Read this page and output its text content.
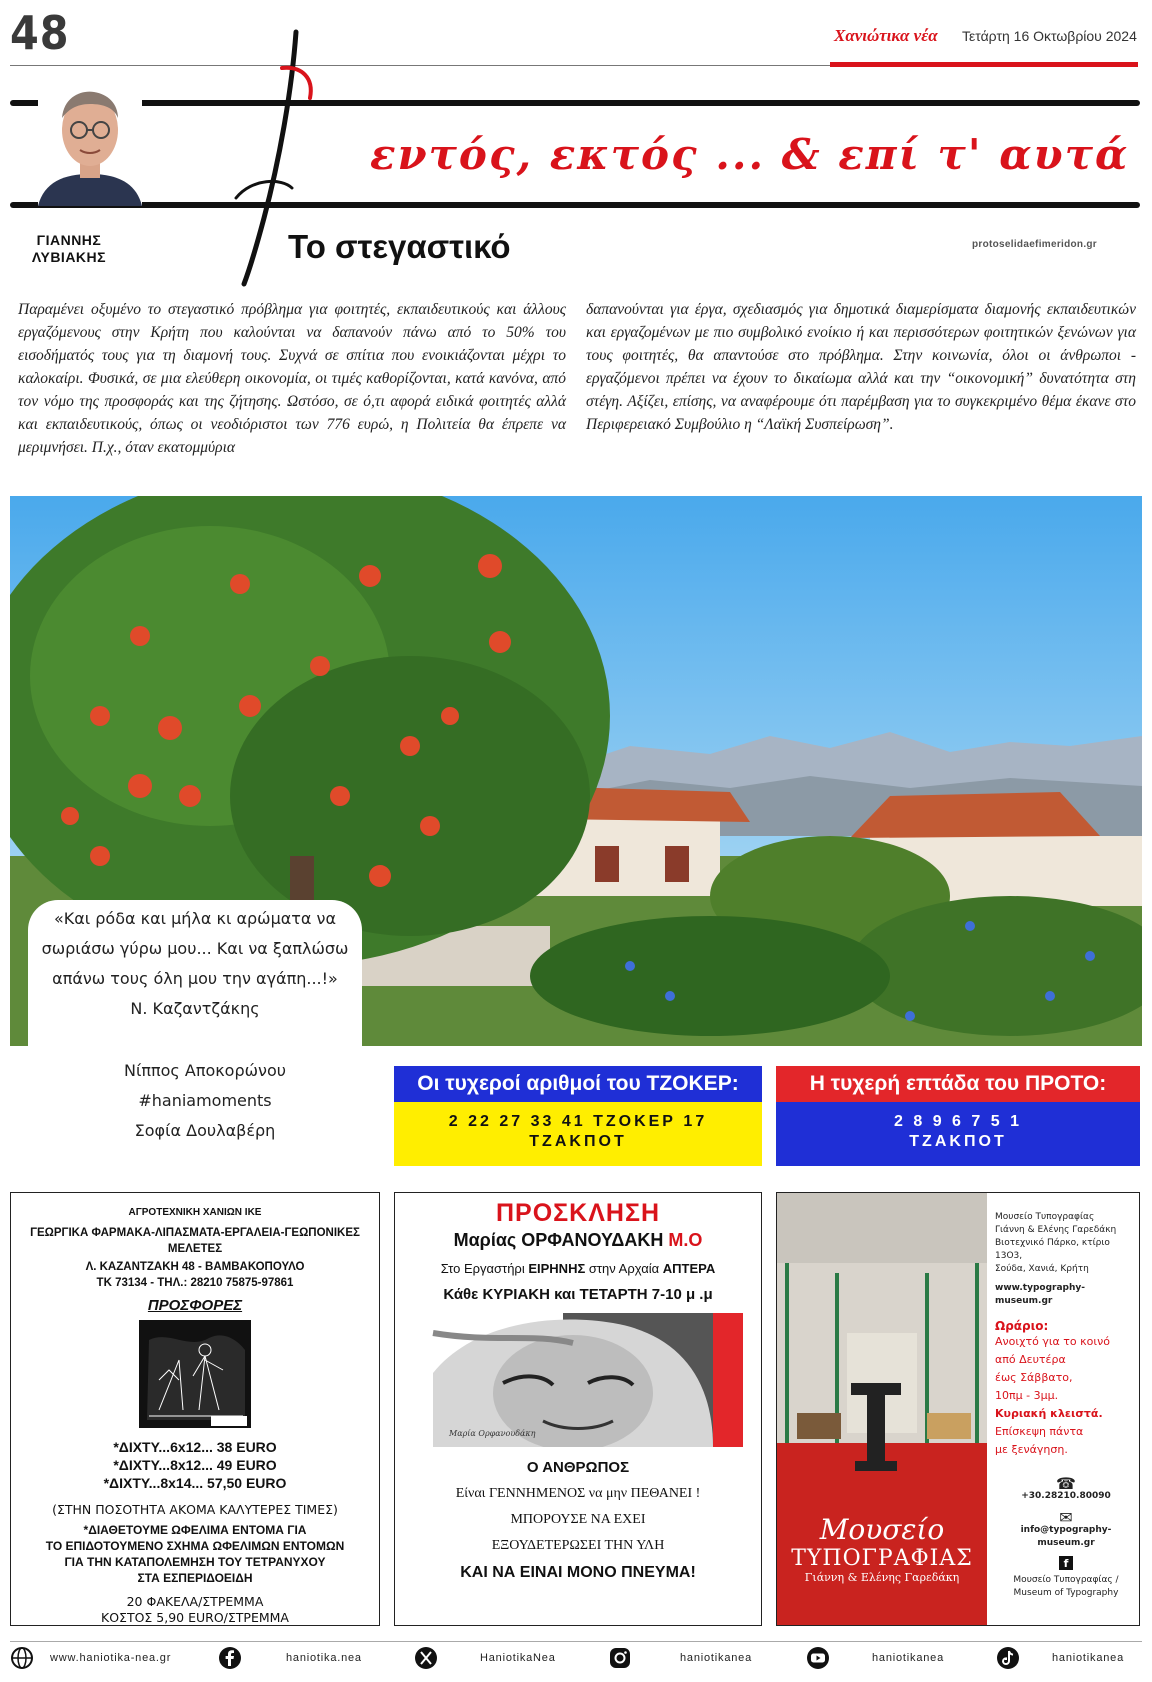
48	Χανιώτικα νέα Τετάρτη 16 Οκτωβρίου 2024
εντός, εκτός ... & επί τ' αυτά
ΓΙΑΝΝΗΣ ΛΥΒΙΑΚΗΣ	Το στεγαστικό	protoselidaefimeridon.gr
Παραμένει οξυμένο το στεγαστικό πρόβλημα για φοιτητές, εκπαιδευτικούς και άλλους εργαζόμενους στην Κρήτη που καλούνται να δαπανούν πάνω από το 50% του εισοδήματός τους για τη διαμονή τους. Συχνά σε σπίτια που ενοικιάζονται μέχρι το καλοκαίρι. Φυσικά, σε μια ελεύθερη οικονομία, οι τιμές καθορίζονται, κατά κανόνα, από τον νόμο της προσφοράς και της ζήτησης. Ωστόσο, σε ό,τι αφορά ειδικά φοιτητές αλλά και εκπαιδευτικούς, όπως οι νεοδιόριστοι των 776 ευρώ, η Πολιτεία θα έπρεπε να μεριμνήσει. Π.χ., όταν εκατομμύρια
δαπανούνται για έργα, σχεδιασμός για δημοτικά διαμερίσματα διαμονής εκπαιδευτικών και εργαζομένων με πιο συμβολικό ενοίκιο ή και περισσότερων φοιτητικών ξενώνων για τους φοιτητές, θα απαντούσε στο πρόβλημα. Στην κοινωνία, όλοι οι άνθρωποι - εργαζόμενοι πρέπει να έχουν το δικαίωμα αλλά και την “οικονομική” δυνατότητα στη στέγη. Αξίζει, επίσης, να αναφέρουμε ότι παρέμβαση για το συγκεκριμένο θέμα έκανε στο Περιφερειακό Συμβούλιο η “Λαϊκή Συσπείρωση”.
«Και ρόδα και μήλα κι αρώματα να
σωριάσω γύρω μου... Και να ξαπλώσω
απάνω τους όλη μου την αγάπη...!»
Ν. Καζαντζάκης
Νίππος Αποκορώνου
#haniamoments
Σοφία Δουλαβέρη
Οι τυχεροί αριθμοί του ΤΖΟΚΕΡ:
2 22 27 33 41 ΤΖΟΚΕΡ 17
ΤΖΑΚΠΟΤ
Η τυχερή επτάδα του ΠΡΟΤΟ:
2 8 9 6 7 5 1
ΤΖΑΚΠΟΤ
ΑΓΡΟΤΕΧΝΙΚΗ ΧΑΝΙΩΝ ΙΚΕ
ΓΕΩΡΓΙΚΑ ΦΑΡΜΑΚΑ-ΛΙΠΑΣΜΑΤΑ-ΕΡΓΑΛΕΙΑ-ΓΕΩΠΟΝΙΚΕΣ ΜΕΛΕΤΕΣ
Λ. ΚΑΖΑΝΤΖΑΚΗ 48 - ΒΑΜΒΑΚΟΠΟΥΛΟ
ΤΚ 73134 - ΤΗΛ.: 28210 75875-97861
ΠΡΟΣΦΟΡΕΣ
*ΔΙΧΤΥ...6x12... 38 EURO
*ΔΙΧΤΥ...8x12... 49 EURO
*ΔΙΧΤΥ...8x14... 57,50 EURO
(ΣΤΗΝ ΠΟΣΟΤΗΤΑ ΑΚΟΜΑ ΚΑΛΥΤΕΡΕΣ ΤΙΜΕΣ)
*ΔΙΑΘΕΤΟΥΜΕ ΩΦΕΛΙΜΑ ΕΝΤΟΜΑ ΓΙΑ
ΤΟ ΕΠΙΔΟΤΟΥΜΕΝΟ ΣΧΗΜΑ ΩΦΕΛΙΜΩΝ ΕΝΤΟΜΩΝ
ΓΙΑ ΤΗΝ ΚΑΤΑΠΟΛΕΜΗΣΗ ΤΟΥ ΤΕΤΡΑΝΥΧΟΥ
ΣΤΑ ΕΣΠΕΡΙΔΟΕΙΔΗ
20 ΦΑΚΕΛΑ/ΣΤΡΕΜΜΑ
ΚΟΣΤΟΣ 5,90 EURO/ΣΤΡΕΜΜΑ
ΠΡΟΣΚΛΗΣΗ
Μαρίας ΟΡΦΑΝΟΥΔΑΚΗ Μ.Ο
Στο Εργαστήρι ΕΙΡΗΝΗΣ στην Αρχαία ΑΠΤΕΡΑ
Κάθε ΚΥΡΙΑΚΗ και ΤΕΤΑΡΤΗ 7-10 μ .μ
Μαρία Ορφανουδάκη
Ο ΑΝΘΡΩΠΟΣ
Είναι ΓΕΝΝΗΜΕΝΟΣ να μην ΠΕΘΑΝΕΙ !
ΜΠΟΡΟΥΣΕ ΝΑ ΕΧΕΙ
ΕΞΟΥΔΕΤΕΡΩΣΕΙ ΤΗΝ ΥΛΗ
ΚΑΙ ΝΑ ΕΙΝΑΙ ΜΟΝΟ ΠΝΕΥΜΑ!
Μουσείο
ΤΥΠΟΓΡΑΦΙΑΣ
Γιάννη & Ελένης Γαρεδάκη
Μουσείο Τυπογραφίας
Γιάννη & Ελένης Γαρεδάκη
Βιοτεχνικό Πάρκο, κτίριο 13Ο3,
Σούδα, Χανιά, Κρήτη
www.typography-museum.gr
Ωράριο:
Ανοιχτό για το κοινό
από Δευτέρα
έως Σάββατο,
10πμ - 3μμ.
Κυριακή κλειστά.
Επίσκεψη πάντα
με ξενάγηση.
☎
+30.28210.80090
✉
info@typography-museum.gr
f
Μουσείο Τυπογραφίας /
Museum of Typography
www.haniotika-nea.gr	haniotika.nea	HaniotikaNea	haniotikanea	haniotikanea	haniotikanea
